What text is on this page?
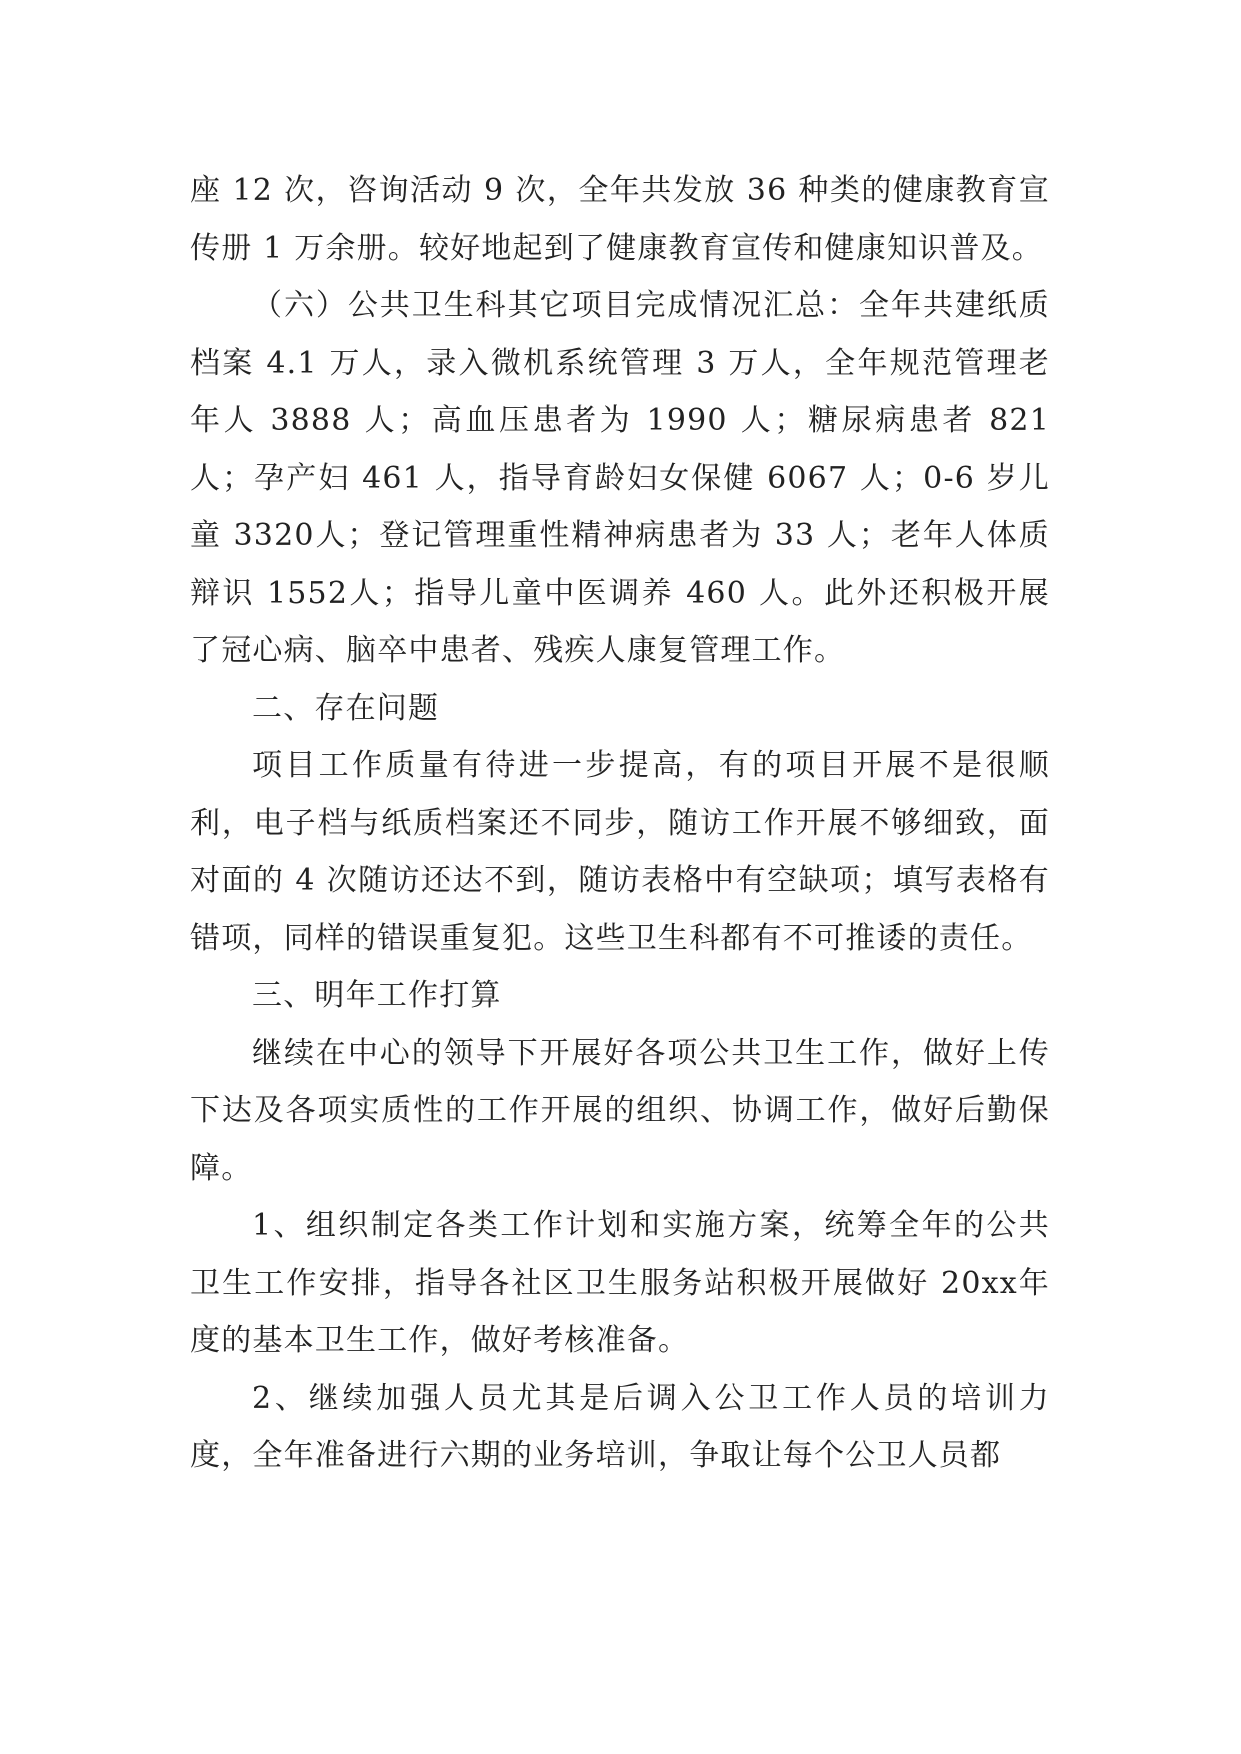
座 12 次，咨询活动 9 次，全年共发放 36 种类的健康教育宣传册 1 万余册。较好地起到了健康教育宣传和健康知识普及。

（六）公共卫生科其它项目完成情况汇总：全年共建纸质档案 4.1 万人，录入微机系统管理 3 万人，全年规范管理老年人 3888 人；高血压患者为 1990 人；糖尿病患者 821 人；孕产妇 461 人，指导育龄妇女保健 6067 人；0-6 岁儿童 3320人；登记管理重性精神病患者为 33 人；老年人体质辩识 1552人；指导儿童中医调养 460 人。此外还积极开展了冠心病、脑卒中患者、残疾人康复管理工作。

二、存在问题

项目工作质量有待进一步提高，有的项目开展不是很顺利，电子档与纸质档案还不同步，随访工作开展不够细致，面对面的 4 次随访还达不到，随访表格中有空缺项；填写表格有错项，同样的错误重复犯。这些卫生科都有不可推诿的责任。

三、明年工作打算

继续在中心的领导下开展好各项公共卫生工作，做好上传下达及各项实质性的工作开展的组织、协调工作，做好后勤保障。

1、组织制定各类工作计划和实施方案，统筹全年的公共卫生工作安排，指导各社区卫生服务站积极开展做好 20xx年度的基本卫生工作，做好考核准备。

2、继续加强人员尤其是后调入公卫工作人员的培训力度，全年准备进行六期的业务培训，争取让每个公卫人员都
